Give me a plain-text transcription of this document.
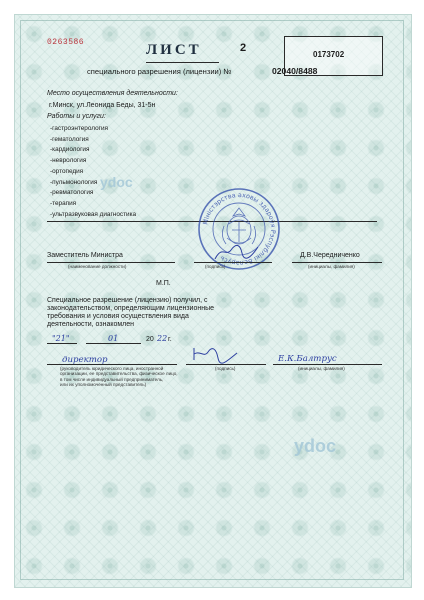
0263586	ЛИСТ	2
0173702
специального разрешения (лицензии) №	02040/8488
Место осуществления деятельности:
г.Минск, ул.Леонида Беды, 31-5н
Работы и услуги:
-гастроэнтерология
-гематология
-кардиология
-неврология
-ортопедия
-пульмонология
-ревматология
-терапия
-ультразвуковая диагностика
ydoc
ydoc
Міністэрства аховы здароўя Рэспублікі Беларусь
Заместитель Министра
(наименование должности)	(подпись)
Д.В.Чередниченко
(инициалы, фамилия)
М.П.
Специальное разрешение (лицензию) получил, с
законодательством, определяющим лицензионные
требования и условия осуществления вида
деятельности, ознакомлен
"21"	01	20 22 г.
директор
(руководитель юридического лица, иностранной
организации, ее представительства, физическое лицо,
в том числе индивидуальный предприниматель,
или их уполномоченный представитель)
(подпись)
Е.К.Балтрус
(инициалы, фамилия)
